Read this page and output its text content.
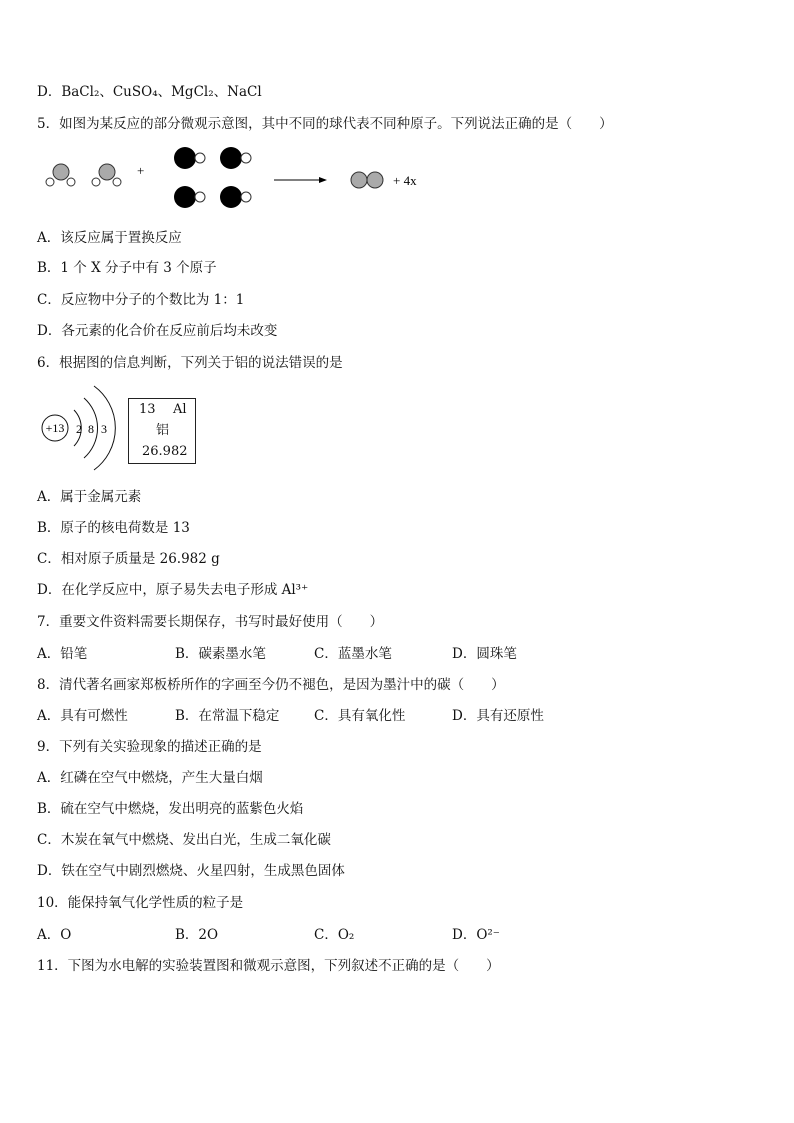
D．BaCl₂、CuSO₄、MgCl₂、NaCl
5．如图为某反应的部分微观示意图，其中不同的球代表不同种原子。下列说法正确的是（　　）
+
+ 4x
A．该反应属于置换反应
B．1 个 X 分子中有 3 个原子
C．反应物中分子的个数比为 1：1
D．各元素的化合价在反应前后均未改变
6．根据图的信息判断，下列关于铝的说法错误的是
+13 2 8 3
13 Al
铝
26.982
A．属于金属元素
B．原子的核电荷数是 13
C．相对原子质量是 26.982 g
D．在化学反应中，原子易失去电子形成 Al³⁺
7．重要文件资料需要长期保存，书写时最好使用（　　）
A．铅笔	B．碳素墨水笔	C．蓝墨水笔	D．圆珠笔
8．清代著名画家郑板桥所作的字画至今仍不褪色，是因为墨汁中的碳（　　）
A．具有可燃性	B．在常温下稳定	C．具有氧化性	D．具有还原性
9．下列有关实验现象的描述正确的是
A．红磷在空气中燃烧，产生大量白烟
B．硫在空气中燃烧，发出明亮的蓝紫色火焰
C．木炭在氧气中燃烧、发出白光，生成二氧化碳
D．铁在空气中剧烈燃烧、火星四射，生成黑色固体
10．能保持氧气化学性质的粒子是
A．O	B．2O	C．O₂	D．O²⁻
11．下图为水电解的实验装置图和微观示意图，下列叙述不正确的是（　　）
